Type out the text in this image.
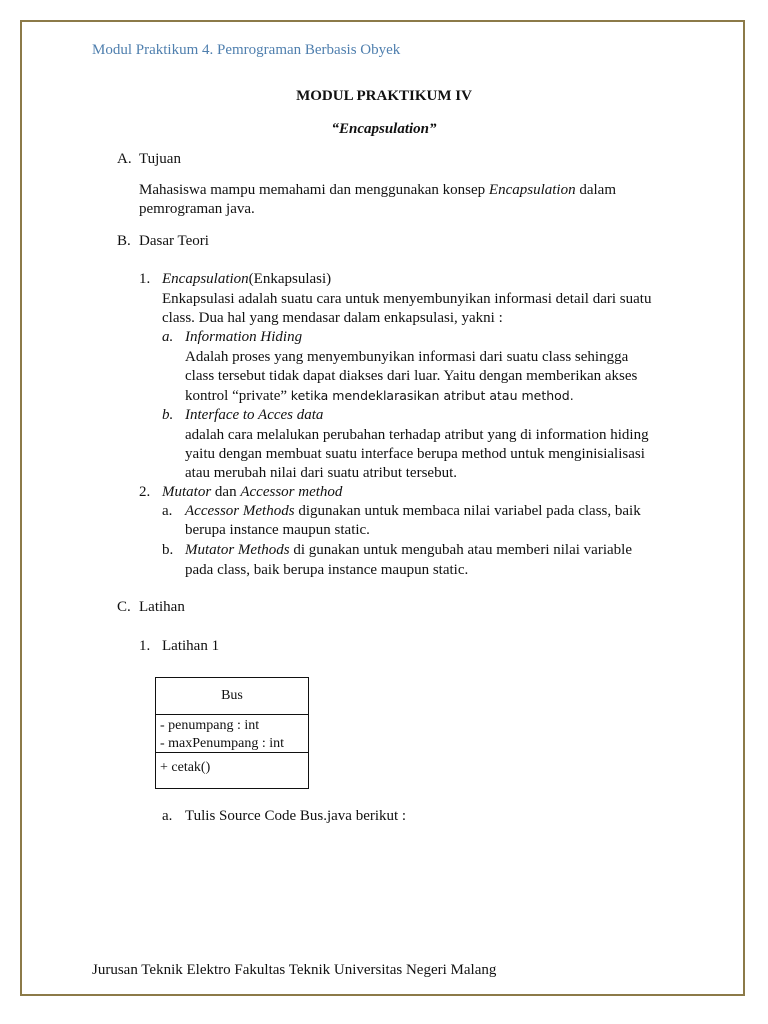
Modul Praktikum 4. Pemrograman Berbasis Obyek
MODUL PRAKTIKUM IV
“Encapsulation”
A. Tujuan
Mahasiswa mampu memahami dan menggunakan konsep Encapsulation dalam
pemrograman java.
B. Dasar Teori
1. Encapsulation(Enkapsulasi)
Enkapsulasi adalah suatu cara untuk menyembunyikan informasi detail dari suatu
class. Dua hal yang mendasar dalam enkapsulasi, yakni :
a. Information Hiding
Adalah proses yang menyembunyikan informasi dari suatu class sehingga
class tersebut tidak dapat diakses dari luar. Yaitu dengan memberikan akses
kontrol “private” ketika mendeklarasikan atribut atau method.
b. Interface to Acces data
adalah cara melalukan perubahan terhadap atribut yang di information hiding
yaitu dengan membuat suatu interface berupa method untuk menginisialisasi
atau merubah nilai dari suatu atribut tersebut.
2. Mutator dan Accessor method
a. Accessor Methods digunakan untuk membaca nilai variabel pada class, baik
berupa instance maupun static.
b. Mutator Methods di gunakan untuk mengubah atau memberi nilai variable
pada class, baik berupa instance maupun static.
C. Latihan
1. Latihan 1
Bus
- penumpang : int
- maxPenumpang : int
+ cetak()
a. Tulis Source Code Bus.java berikut :
Jurusan Teknik Elektro Fakultas Teknik Universitas Negeri Malang
